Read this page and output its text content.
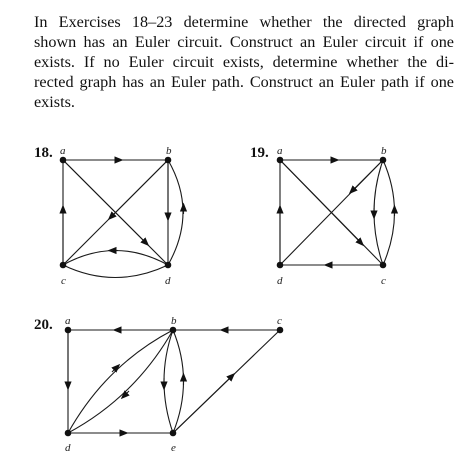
In Exercises 18–23 determine whether the directed graph
shown has an Euler circuit. Construct an Euler circuit if one
exists. If no Euler circuit exists, determine whether the di-
rected graph has an Euler path. Construct an Euler path if one
exists.
18. a	b
c	d
19. a	b
c
d
20. a	b	c
d	e
